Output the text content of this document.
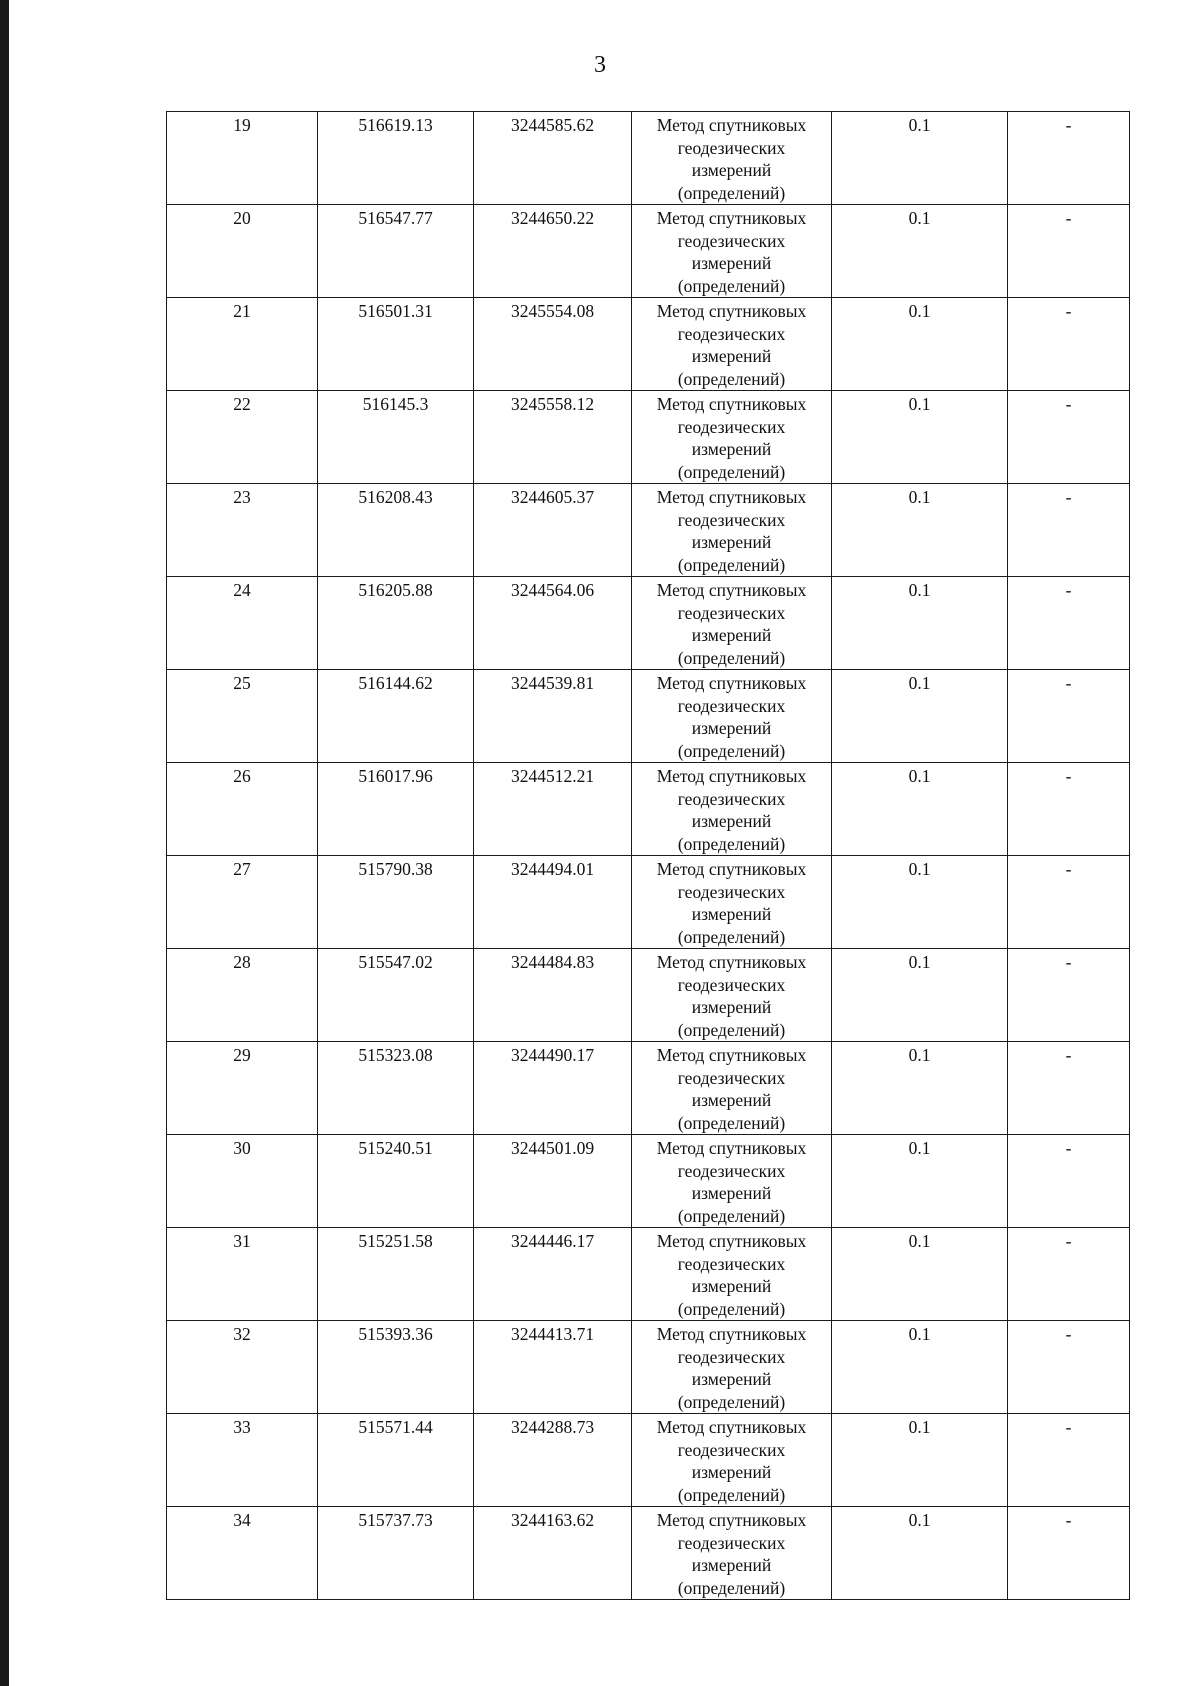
3
19	516619.13	3244585.62	Метод спутниковых геодезических измерений (определений)	0.1	-
20	516547.77	3244650.22	Метод спутниковых геодезических измерений (определений)	0.1	-
21	516501.31	3245554.08	Метод спутниковых геодезических измерений (определений)	0.1	-
22	516145.3	3245558.12	Метод спутниковых геодезических измерений (определений)	0.1	-
23	516208.43	3244605.37	Метод спутниковых геодезических измерений (определений)	0.1	-
24	516205.88	3244564.06	Метод спутниковых геодезических измерений (определений)	0.1	-
25	516144.62	3244539.81	Метод спутниковых геодезических измерений (определений)	0.1	-
26	516017.96	3244512.21	Метод спутниковых геодезических измерений (определений)	0.1	-
27	515790.38	3244494.01	Метод спутниковых геодезических измерений (определений)	0.1	-
28	515547.02	3244484.83	Метод спутниковых геодезических измерений (определений)	0.1	-
29	515323.08	3244490.17	Метод спутниковых геодезических измерений (определений)	0.1	-
30	515240.51	3244501.09	Метод спутниковых геодезических измерений (определений)	0.1	-
31	515251.58	3244446.17	Метод спутниковых геодезических измерений (определений)	0.1	-
32	515393.36	3244413.71	Метод спутниковых геодезических измерений (определений)	0.1	-
33	515571.44	3244288.73	Метод спутниковых геодезических измерений (определений)	0.1	-
34	515737.73	3244163.62	Метод спутниковых геодезических измерений (определений)	0.1	-
